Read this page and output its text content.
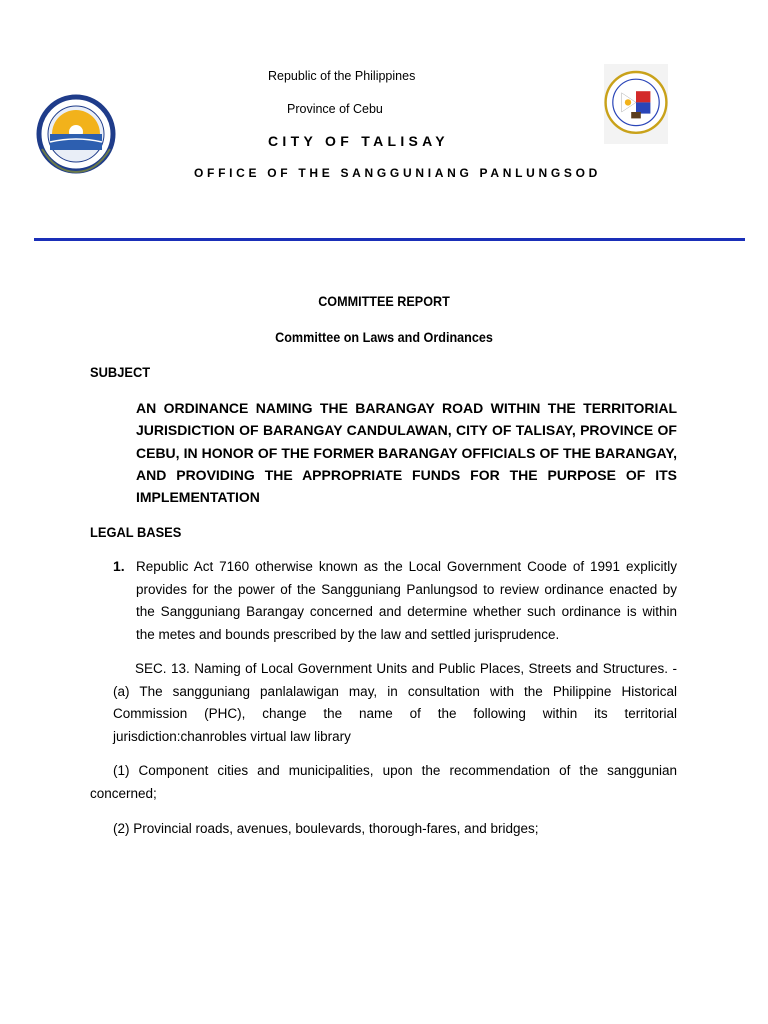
Republic of the Philippines
Province of Cebu
CITY OF TALISAY
OFFICE OF THE SANGGUNIANG PANLUNGSOD
COMMITTEE REPORT
Committee on Laws and Ordinances
SUBJECT
AN ORDINANCE NAMING THE BARANGAY ROAD WITHIN THE TERRITORIAL JURISDICTION OF BARANGAY CANDULAWAN, CITY OF TALISAY, PROVINCE OF CEBU, IN HONOR OF THE FORMER BARANGAY OFFICIALS OF THE BARANGAY, AND PROVIDING THE APPROPRIATE FUNDS FOR THE PURPOSE OF ITS IMPLEMENTATION
LEGAL BASES
1. Republic Act 7160 otherwise known as the Local Government Coode of 1991 explicitly provides for the power of the Sangguniang Panlungsod to review ordinance enacted by the Sangguniang Barangay concerned and determine whether such ordinance is within the metes and bounds prescribed by the law and settled jurisprudence.
SEC. 13. Naming of Local Government Units and Public Places, Streets and Structures. - (a) The sangguniang panlalawigan may, in consultation with the Philippine Historical Commission (PHC), change the name of the following within its territorial jurisdiction:chanrobles virtual law library
(1) Component cities and municipalities, upon the recommendation of the sanggunian concerned;
(2) Provincial roads, avenues, boulevards, thorough-fares, and bridges;
